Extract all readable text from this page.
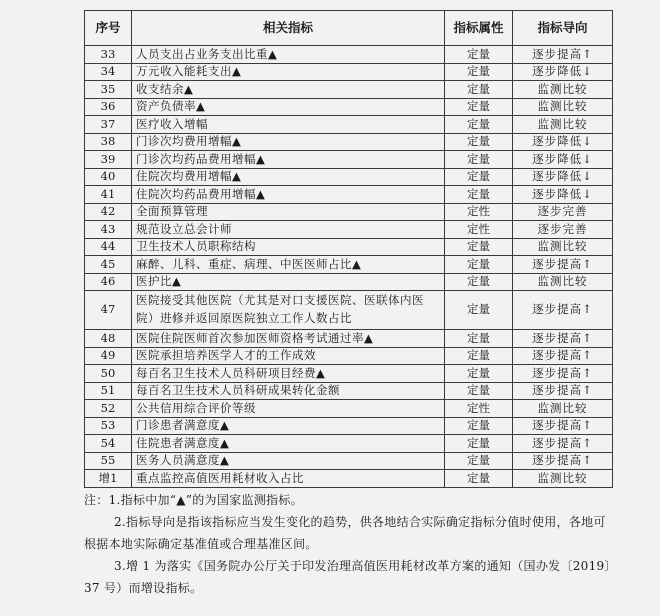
序号	相关指标	指标属性	指标导向
33	人员支出占业务支出比重▲	定量	逐步提高↑
34	万元收入能耗支出▲	定量	逐步降低↓
35	收支结余▲	定量	监测比较
36	资产负债率▲	定量	监测比较
37	医疗收入增幅	定量	监测比较
38	门诊次均费用增幅▲	定量	逐步降低↓
39	门诊次均药品费用增幅▲	定量	逐步降低↓
40	住院次均费用增幅▲	定量	逐步降低↓
41	住院次均药品费用增幅▲	定量	逐步降低↓
42	全面预算管理	定性	逐步完善
43	规范设立总会计师	定性	逐步完善
44	卫生技术人员职称结构	定量	监测比较
45	麻醉、儿科、重症、病理、中医医师占比▲	定量	逐步提高↑
46	医护比▲	定量	监测比较
47	医院接受其他医院（尤其是对口支援医院、医联体内医院）进修并返回原医院独立工作人数占比	定量	逐步提高↑
48	医院住院医师首次参加医师资格考试通过率▲	定量	逐步提高↑
49	医院承担培养医学人才的工作成效	定量	逐步提高↑
50	每百名卫生技术人员科研项目经费▲	定量	逐步提高↑
51	每百名卫生技术人员科研成果转化金额	定量	逐步提高↑
52	公共信用综合评价等级	定性	监测比较
53	门诊患者满意度▲	定量	逐步提高↑
54	住院患者满意度▲	定量	逐步提高↑
55	医务人员满意度▲	定量	逐步提高↑
增1	重点监控高值医用耗材收入占比	定量	监测比较

注：1.指标中加“▲”的为国家监测指标。

2.指标导向是指该指标应当发生变化的趋势，供各地结合实际确定指标分值时使用，各地可根据本地实际确定基准值或合理基准区间。

3.增 1 为落实《国务院办公厅关于印发治理高值医用耗材改革方案的通知（国办发〔2019〕37 号）而增设指标。
